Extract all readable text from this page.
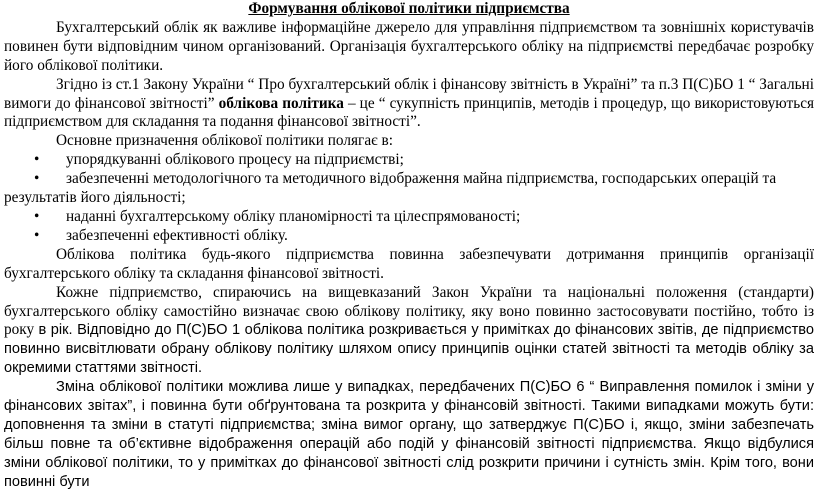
Формування облікової політики підприємства

Бухгалтерський облік як важливе інформаційне джерело для управління підприємством та зовнішніх користувачів повинен бути відповідним чином організований. Організація бухгалтерського обліку на підприємстві передбачає розробку його облікової політики.

Згідно із ст.1 Закону України “ Про бухгалтерський облік і фінансову звітність в Україні” та п.3 П(С)БО 1 “ Загальні вимоги до фінансової звітності” облікова політика – це “ сукупність принципів, методів і процедур, що використовуються підприємством для складання та подання фінансової звітності”.

Основне призначення облікової політики полягає в:

•	упорядкуванні облікового процесу на підприємстві;
•	забезпеченні методологічного та методичного відображення майна підприємства, господарських операцій та

результатів його діяльності;

•	наданні бухгалтерському обліку планомірності та цілеспрямованості;
•	забезпеченні ефективності обліку.

Облікова політика будь-якого підприємства повинна забезпечувати дотримання принципів організації бухгалтерського обліку та складання фінансової звітності.

Кожне підприємство, спираючись на вищевказаний Закон України та національні положення (стандарти) бухгалтерського обліку самостійно визначає свою облікову політику, яку воно повинно застосовувати постійно, тобто із року в рік. Відповідно до П(С)БО 1 облікова політика розкривається у примітках до фінансових звітів, де підприємство повинно висвітлювати обрану облікову політику шляхом опису принципів оцінки статей звітності та методів обліку за окремими статтями звітності.

Зміна облікової політики можлива лише у випадках, передбачених П(С)БО 6 “ Виправлення помилок і зміни у фінансових звітах”, і повинна бути обґрунтована та розкрита у фінансовій звітності. Такими випадками можуть бути: доповнення та зміни в статуті підприємства; зміна вимог органу, що затверджує П(С)БО і, якщо, зміни забезпечать більш повне та об’єктивне відображення операцій або подій у фінансовій звітності підприємства. Якщо відбулися зміни облікової політики, то у примітках до фінансової звітності слід розкрити причини і сутність змін. Крім того, вони повинні бути
